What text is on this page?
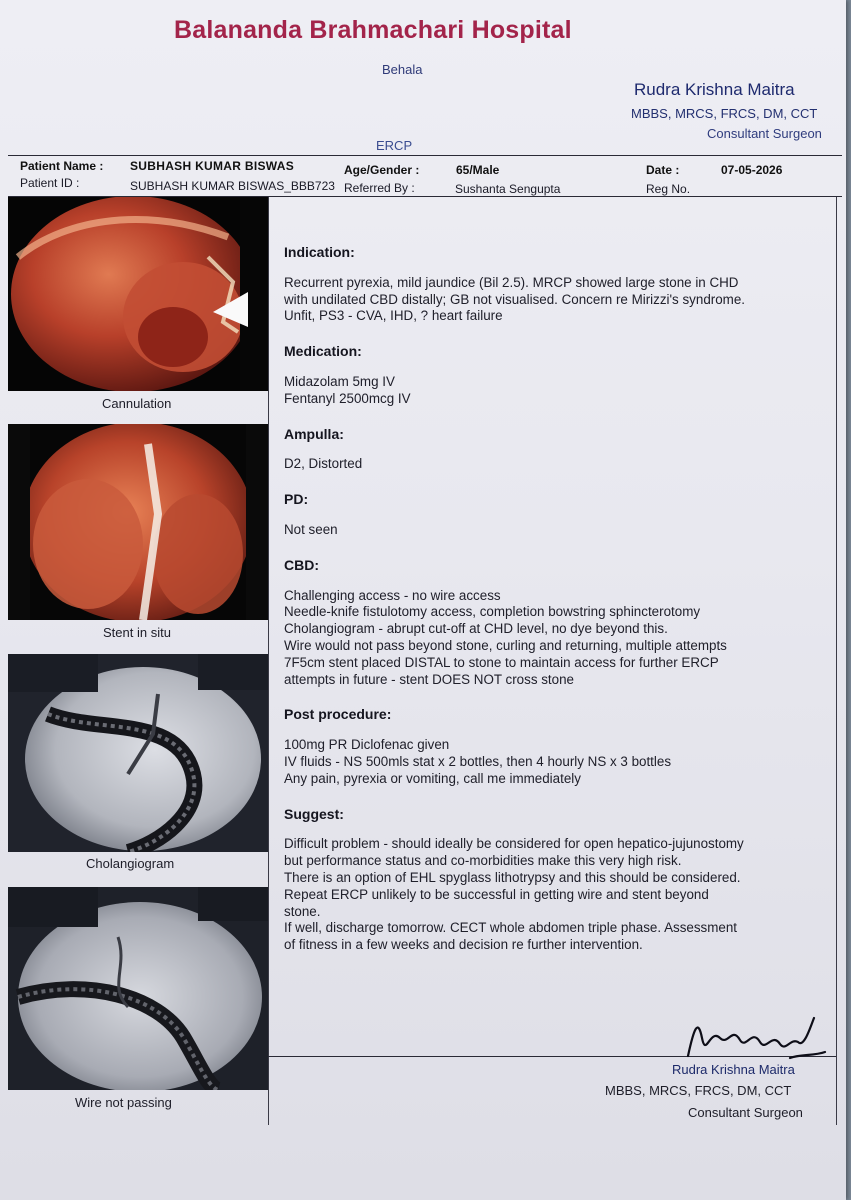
Balananda Brahmachari Hospital
Behala
Rudra Krishna Maitra
MBBS, MRCS, FRCS, DM, CCT
Consultant Surgeon
ERCP
Patient Name : SUBHASH KUMAR BISWAS	Age/Gender :	65/Male	Date :	07-05-2026
Patient ID :	SUBHASH KUMAR BISWAS_BBB723 Referred By :	Sushanta Sengupta	Reg No.
Cannulation
Stent in situ
Cholangiogram
Wire not passing
Indication:
Recurrent pyrexia, mild jaundice (Bil 2.5). MRCP showed large stone in CHD
with undilated CBD distally; GB not visualised. Concern re Mirizzi's syndrome.
Unfit, PS3 - CVA, IHD, ? heart failure
Medication:
Midazolam 5mg IV
Fentanyl 2500mcg IV
Ampulla:
D2, Distorted
PD:
Not seen
CBD:
Challenging access - no wire access
Needle-knife fistulotomy access, completion bowstring sphincterotomy
Cholangiogram - abrupt cut-off at CHD level, no dye beyond this.
Wire would not pass beyond stone, curling and returning, multiple attempts
7F5cm stent placed DISTAL to stone to maintain access for further ERCP
attempts in future - stent DOES NOT cross stone
Post procedure:
100mg PR Diclofenac given
IV fluids - NS 500mls stat x 2 bottles, then 4 hourly NS x 3 bottles
Any pain, pyrexia or vomiting, call me immediately
Suggest:
Difficult problem - should ideally be considered for open hepatico-jujunostomy
but performance status and co-morbidities make this very high risk.
There is an option of EHL spyglass lithotrypsy and this should be considered.
Repeat ERCP unlikely to be successful in getting wire and stent beyond
stone.
If well, discharge tomorrow. CECT whole abdomen triple phase. Assessment
of fitness in a few weeks and decision re further intervention.
Rudra Krishna Maitra
MBBS, MRCS, FRCS, DM, CCT
Consultant Surgeon
